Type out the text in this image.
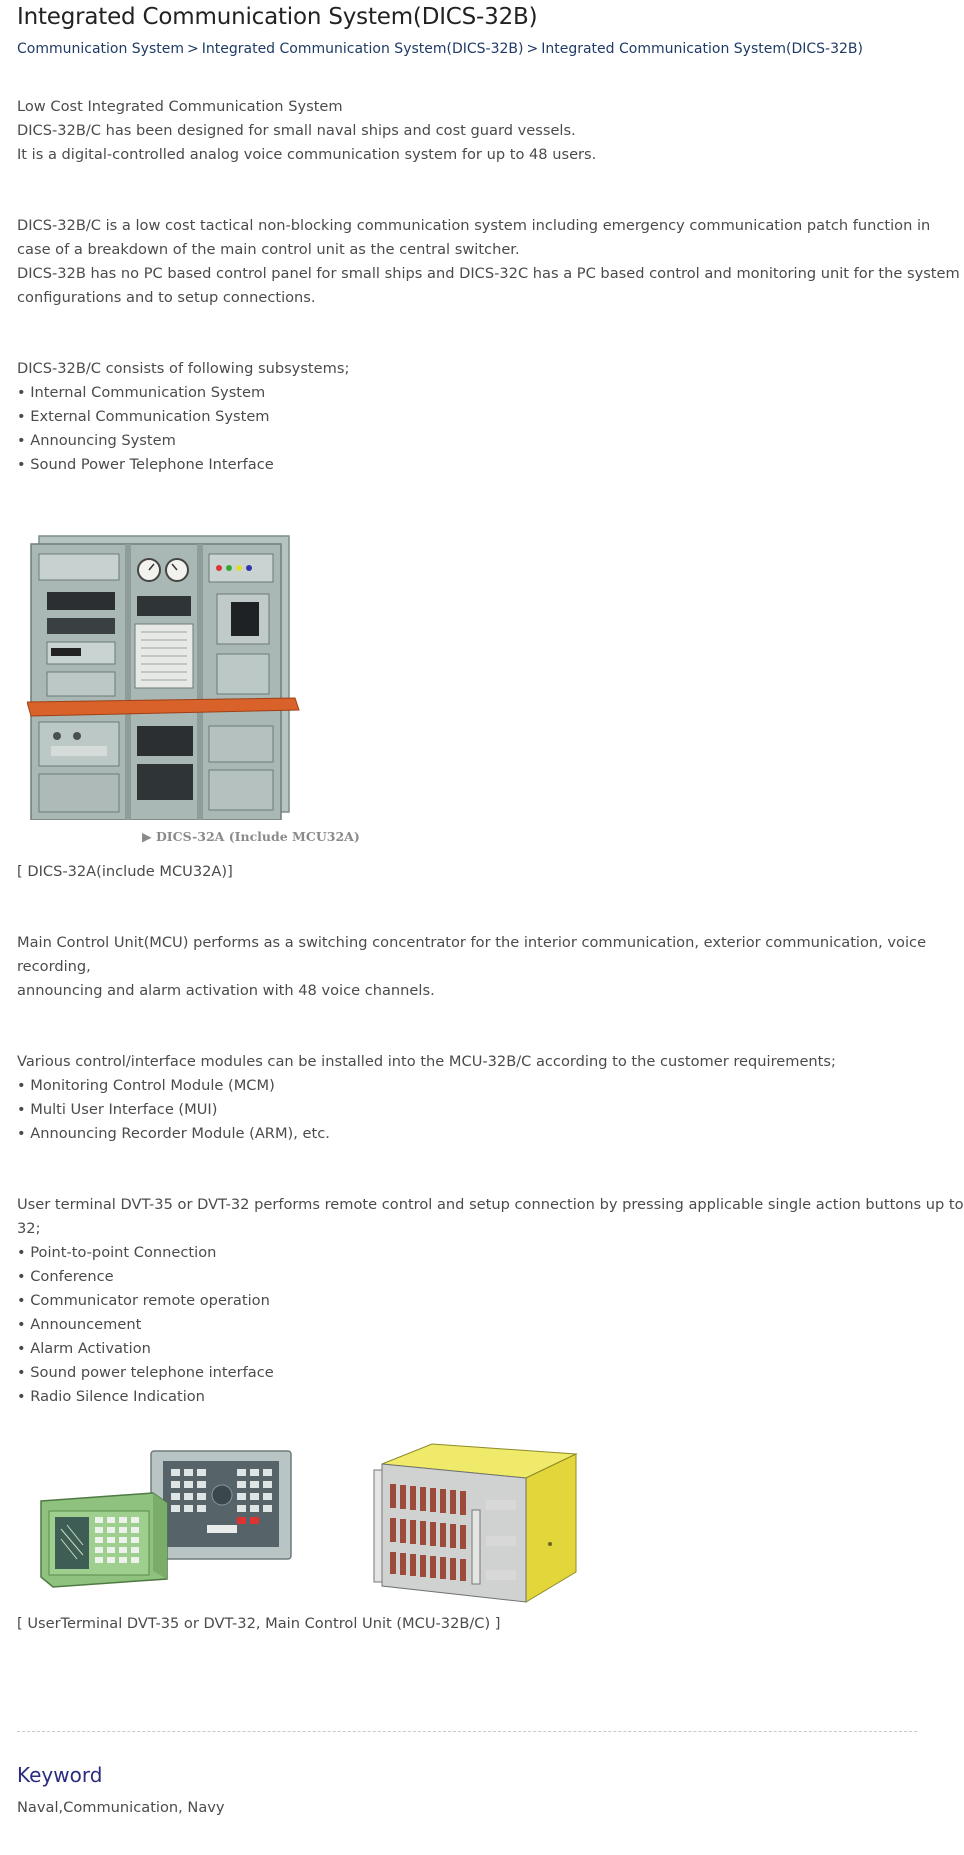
Integrated Communication System(DICS-32B)
Communication System > Integrated Communication System(DICS-32B) > Integrated Communication System(DICS-32B)

Low Cost Integrated Communication System
DICS-32B/C has been designed for small naval ships and cost guard vessels.
It is a digital-controlled analog voice communication system for up to 48 users.

DICS-32B/C is a low cost tactical non-blocking communication system including emergency communication patch function in
case of a breakdown of the main control unit as the central switcher.
DICS-32B has no PC based control panel for small ships and DICS-32C has a PC based control and monitoring unit for the system
configurations and to setup connections.

DICS-32B/C consists of following subsystems;
• Internal Communication System
• External Communication System
• Announcing System
• Sound Power Telephone Interface

▶ DICS-32A (Include MCU32A)
[ DICS-32A(include MCU32A)]

Main Control Unit(MCU) performs as a switching concentrator for the interior communication, exterior communication, voice
recording,
announcing and alarm activation with 48 voice channels.

Various control/interface modules can be installed into the MCU-32B/C according to the customer requirements;
• Monitoring Control Module (MCM)
• Multi User Interface (MUI)
• Announcing Recorder Module (ARM), etc.

User terminal DVT-35 or DVT-32 performs remote control and setup connection by pressing applicable single action buttons up to
32;
• Point-to-point Connection
• Conference
• Communicator remote operation
• Announcement
• Alarm Activation
• Sound power telephone interface
• Radio Silence Indication

[ UserTerminal DVT-35 or DVT-32, Main Control Unit (MCU-32B/C) ]
Keyword
Naval,Communication, Navy
